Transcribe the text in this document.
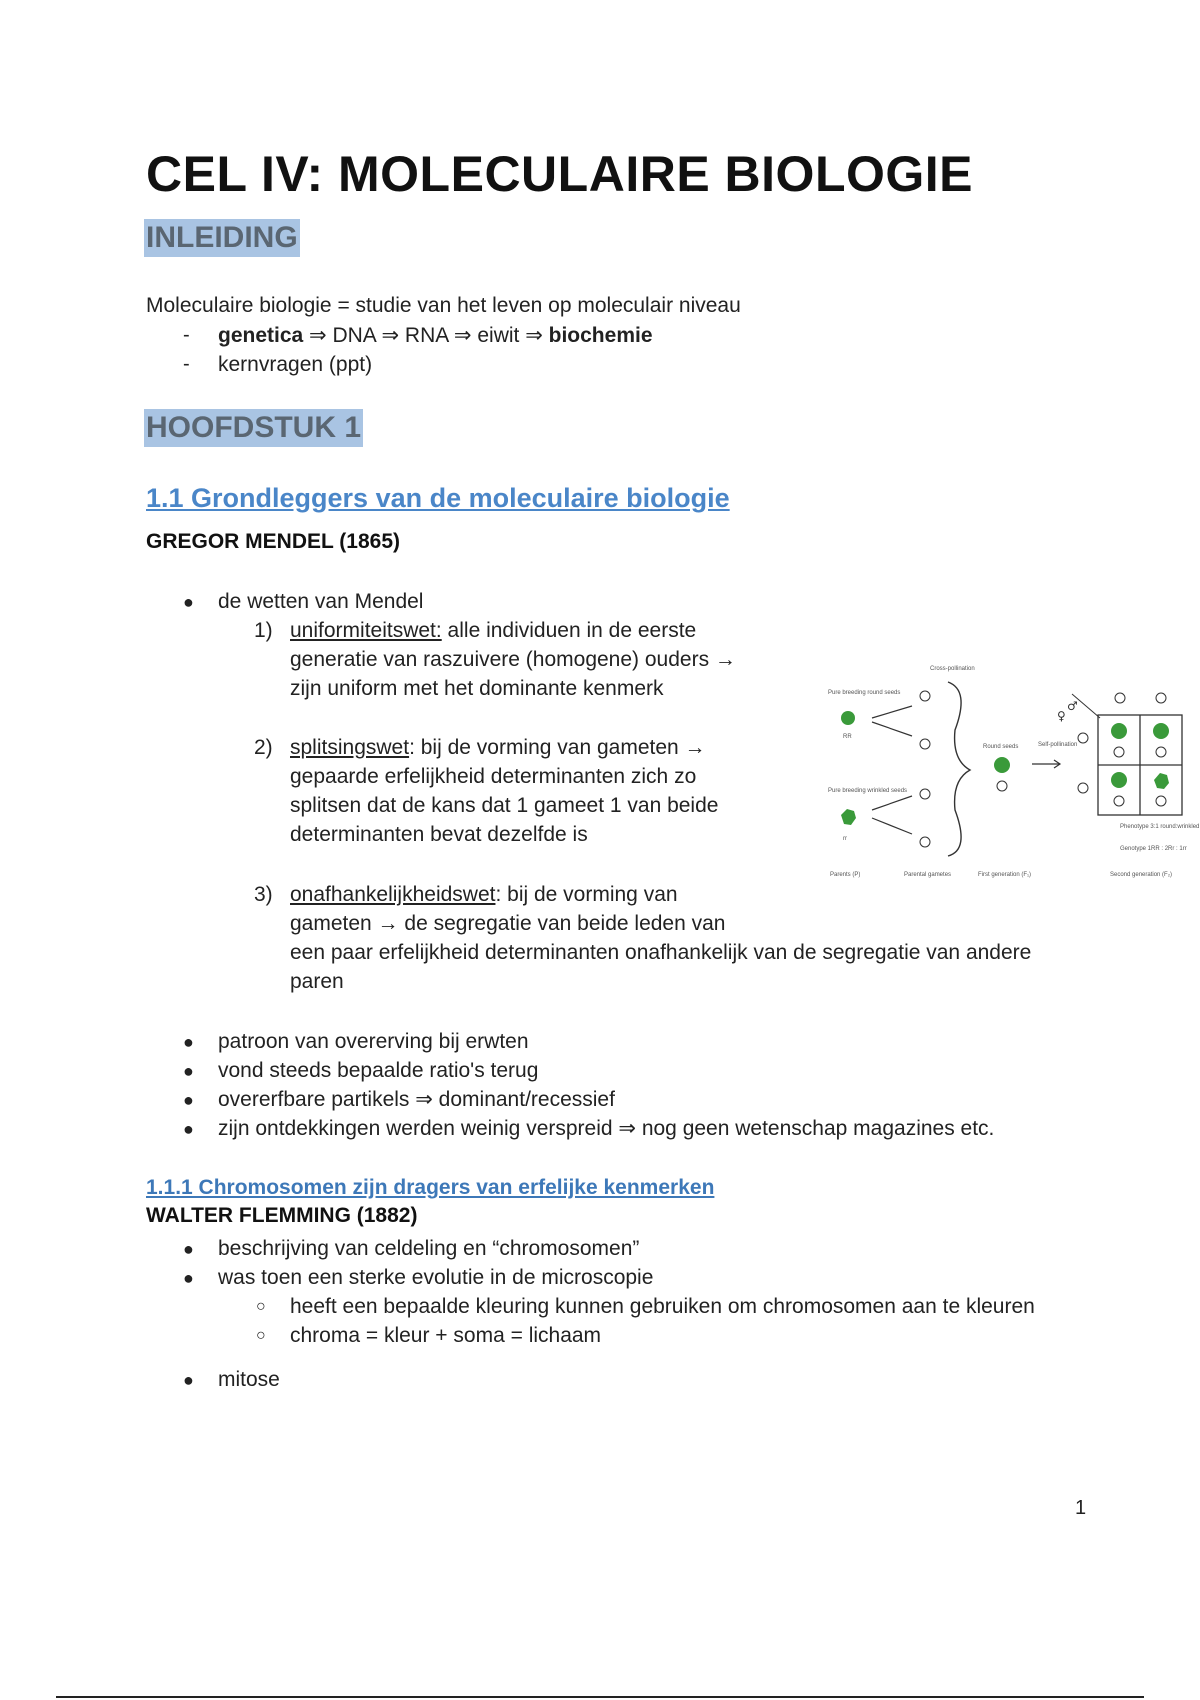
CEL IV: MOLECULAIRE BIOLOGIE
INLEIDING
Moleculaire biologie = studie van het leven op moleculair niveau
- genetica ⇒ DNA ⇒ RNA ⇒ eiwit ⇒ biochemie
- kernvragen (ppt)
HOOFDSTUK 1
1.1 Grondleggers van de moleculaire biologie
GREGOR MENDEL (1865)
● de wetten van Mendel
1) uniformiteitswet: alle individuen in de eerste
generatie van raszuivere (homogene) ouders →
zijn uniform met het dominante kenmerk
2) splitsingswet: bij de vorming van gameten →
gepaarde erfelijkheid determinanten zich zo
splitsen dat de kans dat 1 gameet 1 van beide
determinanten bevat dezelfde is
3) onafhankelijkheidswet: bij de vorming van
gameten → de segregatie van beide leden van
een paar erfelijkheid determinanten onafhankelijk van de segregatie van andere
paren
● patroon van overerving bij erwten
● vond steeds bepaalde ratio's terug
● overerfbare partikels ⇒ dominant/recessief
● zijn ontdekkingen werden weinig verspreid ⇒ nog geen wetenschap magazines etc.
1.1.1 Chromosomen zijn dragers van erfelijke kenmerken
WALTER FLEMMING (1882)
● beschrijving van celdeling en “chromosomen”
● was toen een sterke evolutie in de microscopie
○ heeft een bepaalde kleuring kunnen gebruiken om chromosomen aan te kleuren
○ chroma = kleur + soma = lichaam
● mitose
Cross-pollination
Pure breeding round seeds
RR
Pure breeding wrinkled seeds
rr
Round seeds	Self-pollination
♂
♀
Phenotype 3:1 round:wrinkled
Genotype 1RR : 2Rr : 1rr
Parents (P)	Parental gametes	First generation (F₁)	Second generation (F₂)
1
